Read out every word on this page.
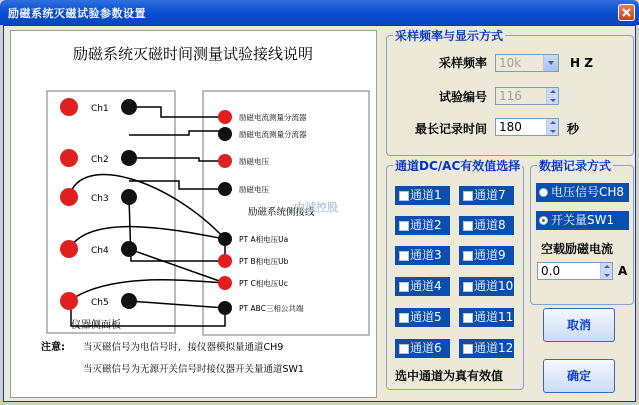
励磁系统灭磁试验参数设置
励磁系统灭磁时间测量试验接线说明
Ch1
Ch2
Ch3
Ch4
Ch5
励磁电流测量分流器
励磁电流测量分流器
励磁电压
励磁电压
PT A相电压Ua
PT B相电压Ub
PT C相电压Uc
PT ABC三相公共端
励磁系统侧接线
中诚控股
仪器侧面板
注意: 当灭磁信号为电信号时，接仪器模拟量通道CH9
当灭磁信号为无源开关信号时接仪器开关量通道SW1
采样频率与显示方式
采样频率 10k	H Z
试验编号 116
最长记录时间 180	秒
通道DC/AC有效值选择
通道1	通道7
通道2	通道8
通道3	通道9
通道4	通道10
通道5	通道11
通道6	通道12
选中通道为真有效值
数据记录方式
电压信号CH8
开关量SW1
空载励磁电流
0.0	A
取消
确定
